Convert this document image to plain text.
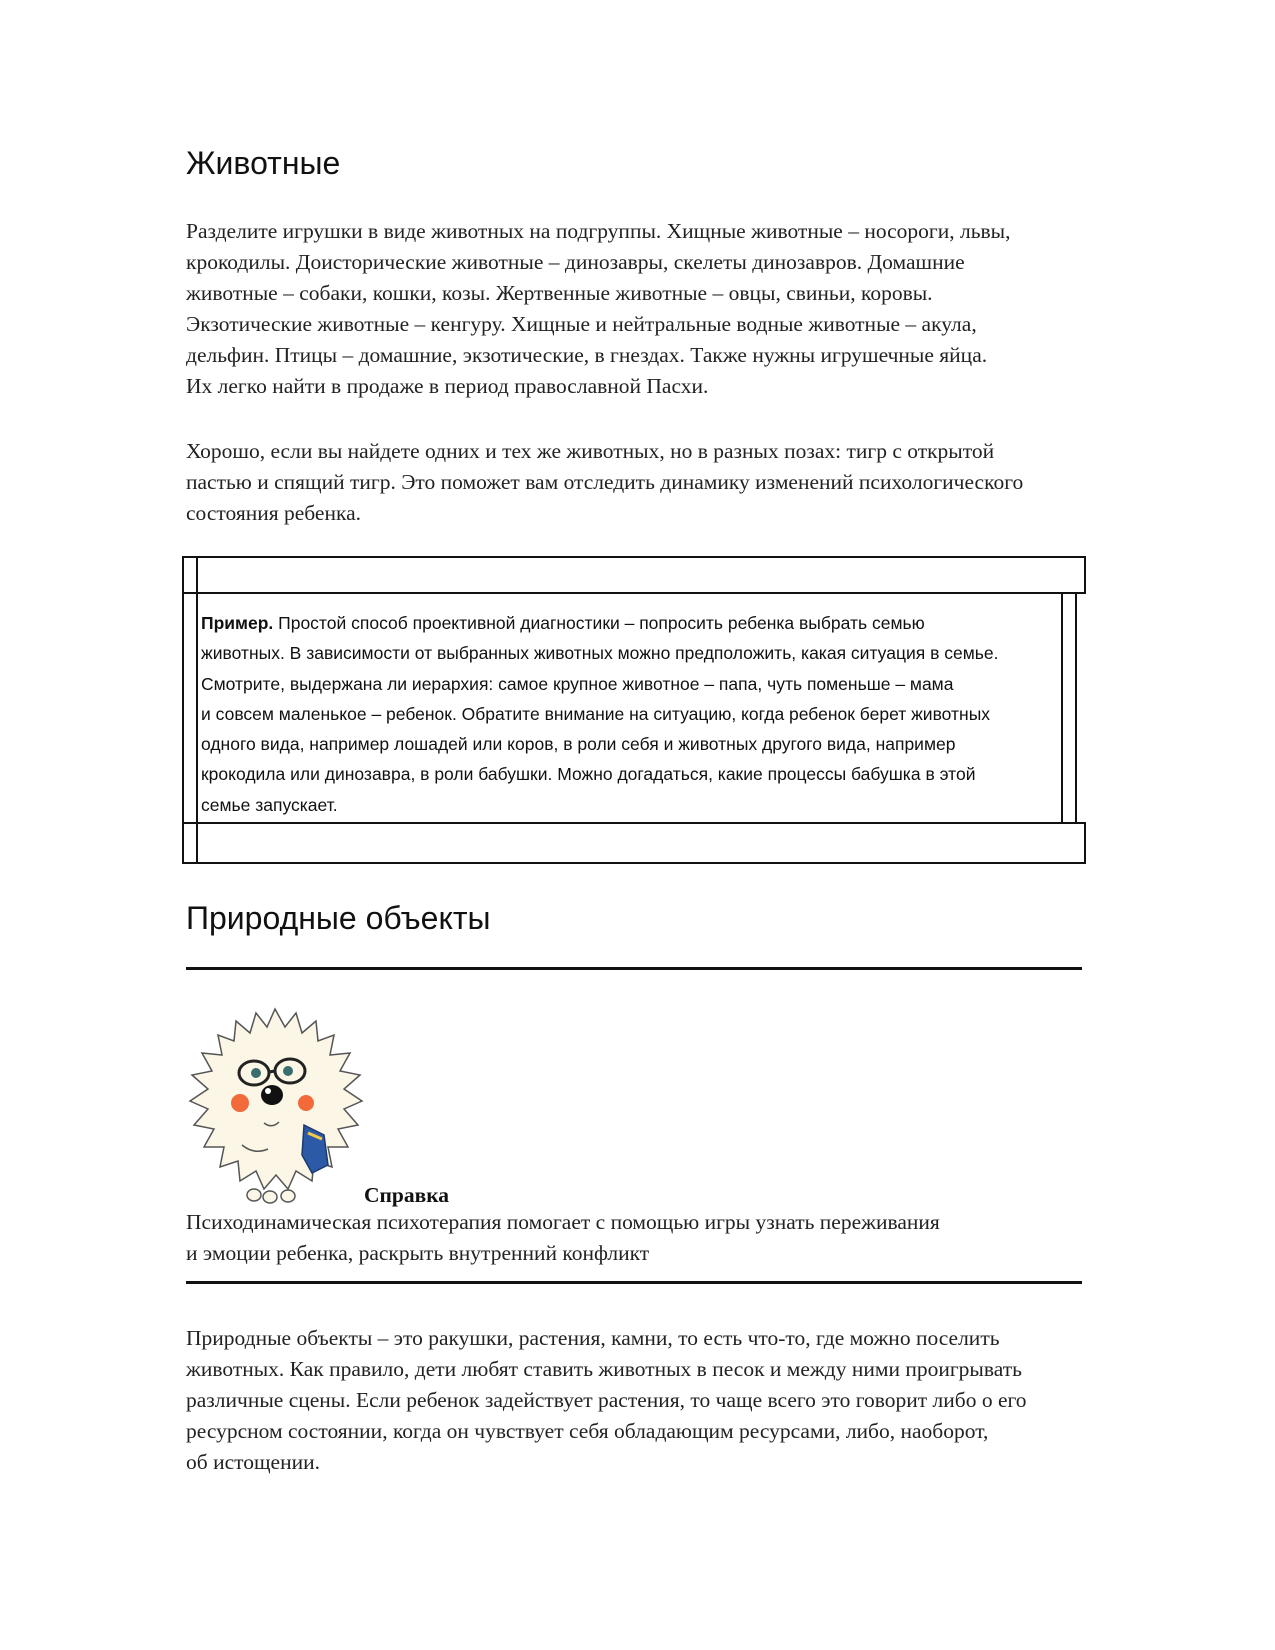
Животные

Разделите игрушки в виде животных на подгруппы. Хищные животные – носороги, львы,
крокодилы. Доисторические животные – динозавры, скелеты динозавров. Домашние
животные – собаки, кошки, козы. Жертвенные животные – овцы, свиньи, коровы.
Экзотические животные – кенгуру. Хищные и нейтральные водные животные – акула,
дельфин. Птицы – домашние, экзотические, в гнездах. Также нужны игрушечные яйца.
Их легко найти в продаже в период православной Пасхи.

Хорошо, если вы найдете одних и тех же животных, но в разных позах: тигр с открытой
пастью и спящий тигр. Это поможет вам отследить динамику изменений психологического
состояния ребенка.

Пример. Простой способ проективной диагностики – попросить ребенка выбрать семью
животных. В зависимости от выбранных животных можно предположить, какая ситуация в семье.
Смотрите, выдержана ли иерархия: самое крупное животное – папа, чуть поменьше – мама
и совсем маленькое – ребенок. Обратите внимание на ситуацию, когда ребенок берет животных
одного вида, например лошадей или коров, в роли себя и животных другого вида, например
крокодила или динозавра, в роли бабушки. Можно догадаться, какие процессы бабушка в этой
семье запускает.
Природные объекты
Справка

Психодинамическая психотерапия помогает с помощью игры узнать переживания
и эмоции ребенка, раскрыть внутренний конфликт

Природные объекты – это ракушки, растения, камни, то есть что-то, где можно поселить
животных. Как правило, дети любят ставить животных в песок и между ними проигрывать
различные сцены. Если ребенок задействует растения, то чаще всего это говорит либо о его
ресурсном состоянии, когда он чувствует себя обладающим ресурсами, либо, наоборот,
об истощении.
